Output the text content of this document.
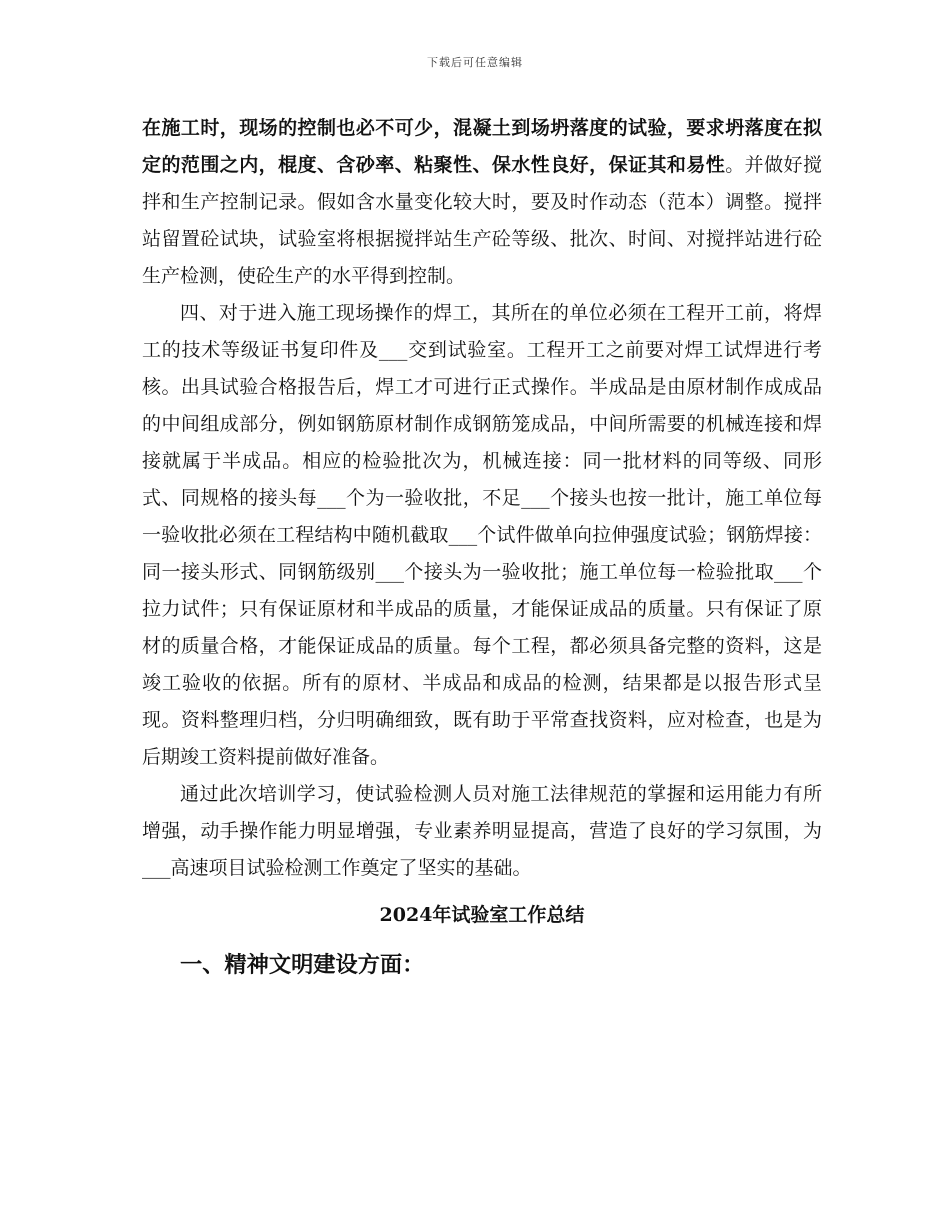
下载后可任意编辑

在施工时，现场的控制也必不可少，混凝土到场坍落度的试验，要求坍落度在拟定的范围之内，棍度、含砂率、粘聚性、保水性良好，保证其和易性。并做好搅拌和生产控制记录。假如含水量变化较大时，要及时作动态（范本）调整。搅拌站留置砼试块，试验室将根据搅拌站生产砼等级、批次、时间、对搅拌站进行砼生产检测，使砼生产的水平得到控制。

四、对于进入施工现场操作的焊工，其所在的单位必须在工程开工前，将焊工的技术等级证书复印件及___交到试验室。工程开工之前要对焊工试焊进行考核。出具试验合格报告后，焊工才可进行正式操作。半成品是由原材制作成成品的中间组成部分，例如钢筋原材制作成钢筋笼成品，中间所需要的机械连接和焊接就属于半成品。相应的检验批次为，机械连接：同一批材料的同等级、同形式、同规格的接头每___个为一验收批，不足___个接头也按一批计，施工单位每一验收批必须在工程结构中随机截取___个试件做单向拉伸强度试验；钢筋焊接：同一接头形式、同钢筋级别___个接头为一验收批；施工单位每一检验批取___个拉力试件；只有保证原材和半成品的质量，才能保证成品的质量。只有保证了原材的质量合格，才能保证成品的质量。每个工程，都必须具备完整的资料，这是竣工验收的依据。所有的原材、半成品和成品的检测，结果都是以报告形式呈现。资料整理归档，分归明确细致，既有助于平常查找资料，应对检查，也是为后期竣工资料提前做好准备。

通过此次培训学习，使试验检测人员对施工法律规范的掌握和运用能力有所增强，动手操作能力明显增强，专业素养明显提高，营造了良好的学习氛围，为___高速项目试验检测工作奠定了坚实的基础。

2024年试验室工作总结
一、精神文明建设方面：
